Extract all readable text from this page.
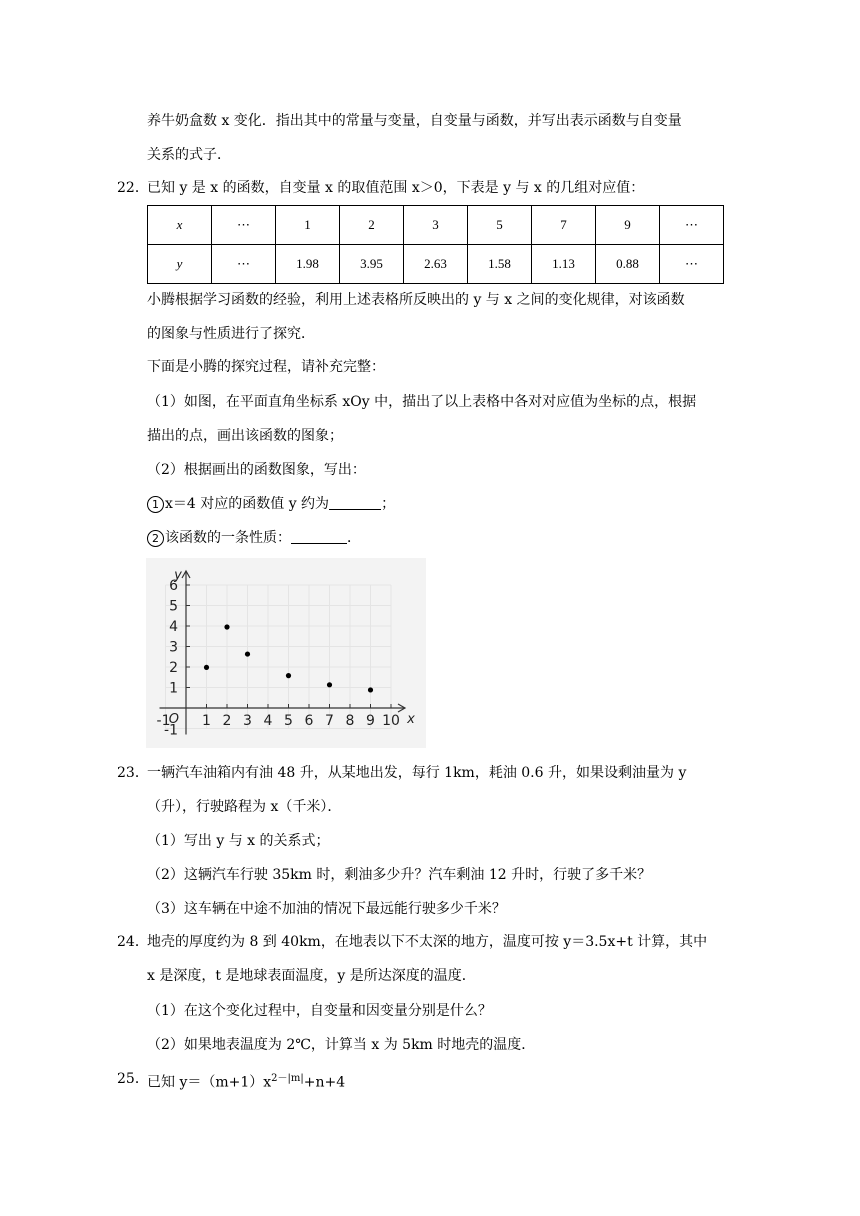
养牛奶盒数 x 变化．指出其中的常量与变量，自变量与函数，并写出表示函数与自变量
关系的式子．
22．
已知 y 是 x 的函数，自变量 x 的取值范围 x＞0，下表是 y 与 x 的几组对应值：
x	⋯	1	2	3	5	7	9	⋯
y	⋯	1.98	3.95	2.63	1.58	1.13	0.88	⋯
小腾根据学习函数的经验，利用上述表格所反映出的 y 与 x 之间的变化规律，对该函数
的图象与性质进行了探究．
下面是小腾的探究过程，请补充完整：
（1）如图，在平面直角坐标系 xOy 中，描出了以上表格中各对对应值为坐标的点，根据
描出的点，画出该函数的图象；
（2）根据画出的函数图象，写出：
1 x＝4 对应的函数值 y 约为	；
2 该函数的一条性质：	．
1 2 3 4 5 6 7 8 9 10
-1
-1
1
2
3
4
5
6
O	x
y
23．
一辆汽车油箱内有油 48 升，从某地出发，每行 1km，耗油 0.6 升，如果设剩油量为 y
（升），行驶路程为 x（千米）．
（1）写出 y 与 x 的关系式；
（2）这辆汽车行驶 35km 时，剩油多少升？汽车剩油 12 升时，行驶了多千米？
（3）这车辆在中途不加油的情况下最远能行驶多少千米？
24．
地壳的厚度约为 8 到 40km，在地表以下不太深的地方，温度可按 y＝3.5x+t 计算，其中
x 是深度，t 是地球表面温度，y 是所达深度的温度．
（1）在这个变化过程中，自变量和因变量分别是什么？
（2）如果地表温度为 2℃，计算当 x 为 5km 时地壳的温度．
25．
已知 $y=(m+1)x^{2-|m|}+n+4$
